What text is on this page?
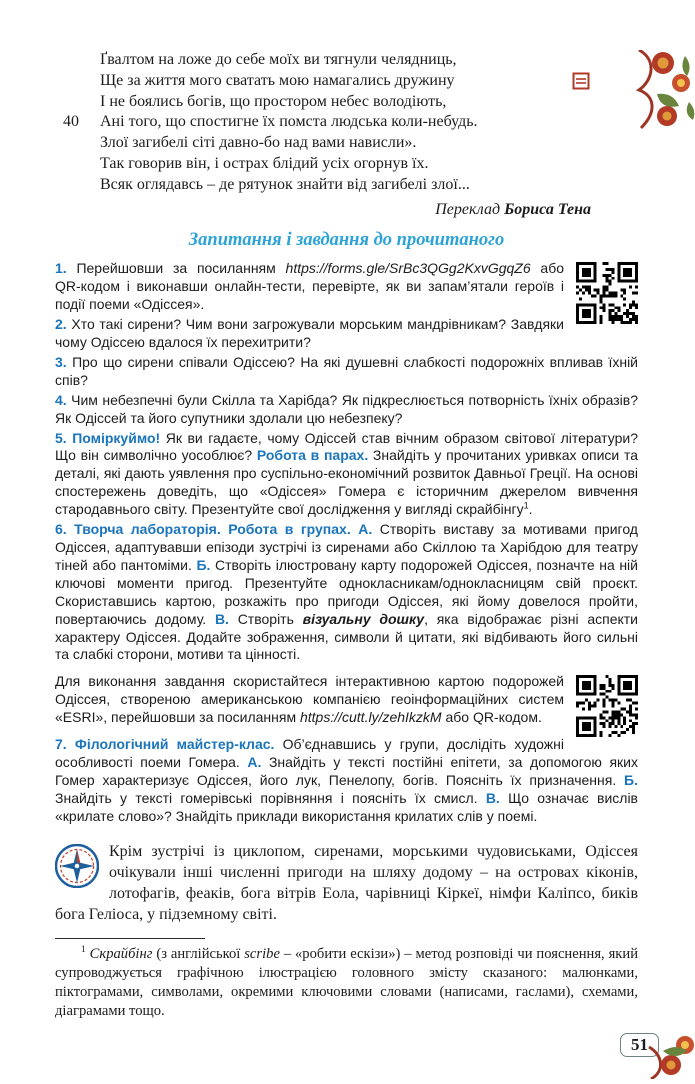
Ґвалтом на ложе до себе моїх ви тягнули челядниць,
Ще за життя мого сватать мою намагались дружину
І не боялись богів, що простором небес володіють,
40 Ані того, що спостигне їх помста людська коли-небудь.
Злої загибелі сіті давно-бо над вами нависли».
Так говорив він, і острах блідий усіх огорнув їх.
Всяк оглядавсь – де рятунок знайти від загибелі злої...
Переклад Бориса Тена
Запитання і завдання до прочитаного

1. Перейшовши за посиланням https://forms.gle/SrBc3QGg2KxvGgqZ6 або QR-кодом і виконавши онлайн-тести, перевірте, як ви запам’ятали героїв і події поеми «Одіссея».

2. Хто такі сирени? Чим вони загрожували морським мандрівникам? Завдяки чому Одіссею вдалося їх перехитрити?

3. Про що сирени співали Одіссею? На які душевні слабкості подорожніх впливав їхній спів?

4. Чим небезпечні були Скілла та Харібда? Як підкреслюється потворність їхніх образів? Як Одіссей та його супутники здолали цю небезпеку?

5. Поміркуймо! Як ви гадаєте, чому Одіссей став вічним образом світової літератури? Що він символічно уособлює? Робота в парах. Знайдіть у прочитаних уривках описи та деталі, які дають уявлення про суспільно-економічний розвиток Давньої Греції. На основі спостережень доведіть, що «Одіссея» Гомера є історичним джерелом вивчення стародавнього світу. Презентуйте свої дослідження у вигляді скрайбінгу$^1$.

6. Творча лабораторія. Робота в групах. А. Створіть виставу за мотивами пригод Одіссея, адаптувавши епізоди зустрічі із сиренами або Скіллою та Харібдою для театру тіней або пантоміми. Б. Створіть ілюстровану карту подорожей Одіссея, позначте на ній ключові моменти пригод. Презентуйте однокласникам/однокласницям свій проєкт. Скориставшись картою, розкажіть про пригоди Одіссея, які йому довелося пройти, повертаючись додому. В. Створіть візуальну дошку, яка відображає різні аспекти характеру Одіссея. Додайте зображення, символи й цитати, які відбивають його сильні та слабкі сторони, мотиви та цінності.

Для виконання завдання скористайтеся інтерактивною картою подорожей Одіссея, створеною американською компанією геоінформаційних систем «ESRI», перейшовши за посиланням https://cutt.ly/zehIkzkM або QR-кодом.

7. Філологічний майстер-клас. Об’єднавшись у групи, дослідіть художні особливості поеми Гомера. А. Знайдіть у тексті постійні епітети, за допомогою яких Гомер характеризує Одіссея, його лук, Пенелопу, богів. Поясніть їх призначення. Б. Знайдіть у тексті гомерівські порівняння і поясніть їх смисл. В. Що означає вислів «крилате слово»? Знайдіть приклади використання крилатих слів у поемі.

Крім зустрічі із циклопом, сиренами, морськими чудовиськами, Одіссея очікували інші численні пригоди на шляху додому – на островах кіконів, лотофагів, феаків, бога вітрів Еола, чарівниці Кіркеї, німфи Каліпсо, биків бога Геліоса, у підземному світі.

$^1$ Скрайбінг (з англійської scribe – «робити ескізи») – метод розповіді чи пояснення, який супроводжується графічною ілюстрацією головного змісту сказаного: малюнками, піктограмами, символами, окремими ключовими словами (написами, гаслами), схемами, діаграмами тощо.

51
